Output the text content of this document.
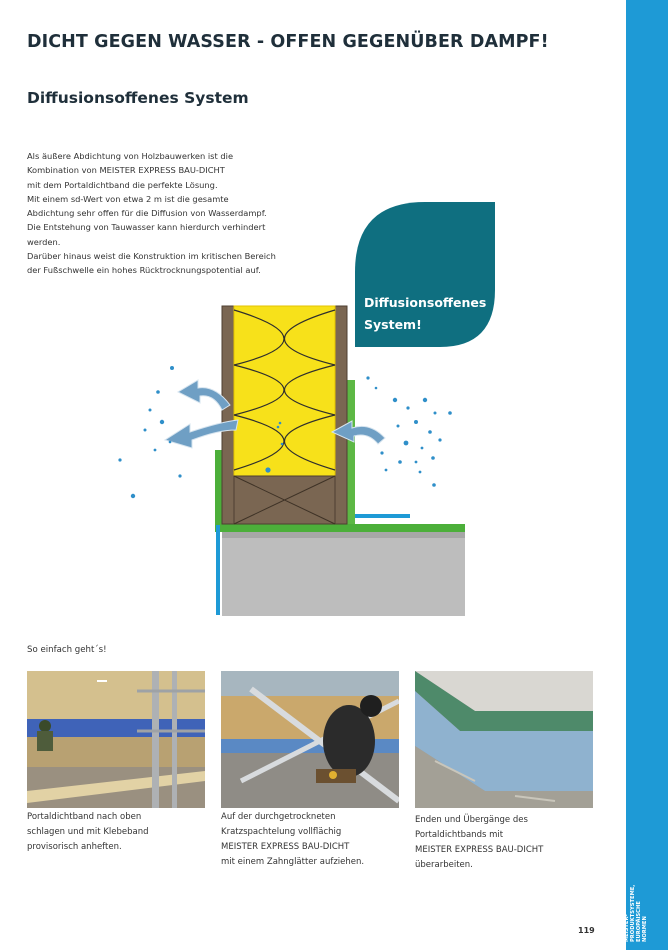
MEISTER-
PRODUKTSYSTEME,
EUROPÄISCHE
NORMEN
DICHT GEGEN WASSER - OFFEN GEGENÜBER DAMPF!
Diffusionsoffenes System
Als äußere Abdichtung von Holzbauwerken ist die
Kombination von MEISTER EXPRESS BAU-DICHT
mit dem Portaldichtband die perfekte Lösung.
Mit einem sd-Wert von etwa 2 m ist die gesamte
Abdichtung sehr offen für die Diffusion von Wasserdampf.
Die Entstehung von Tauwasser kann hierdurch verhindert
werden.
Darüber hinaus weist die Konstruktion im kritischen Bereich
der Fußschwelle ein hohes Rücktrocknungspotential auf.
Diffusionsoffenes
System!
So einfach geht´s!
Portaldichtband nach oben
schlagen und mit Klebeband
provisorisch anheften.
Auf der durchgetrockneten
Kratzspachtelung vollflächig
MEISTER EXPRESS BAU-DICHT
mit einem Zahnglätter aufziehen.
Enden und Übergänge des
Portaldichtbands mit
MEISTER EXPRESS BAU-DICHT
überarbeiten.
119
